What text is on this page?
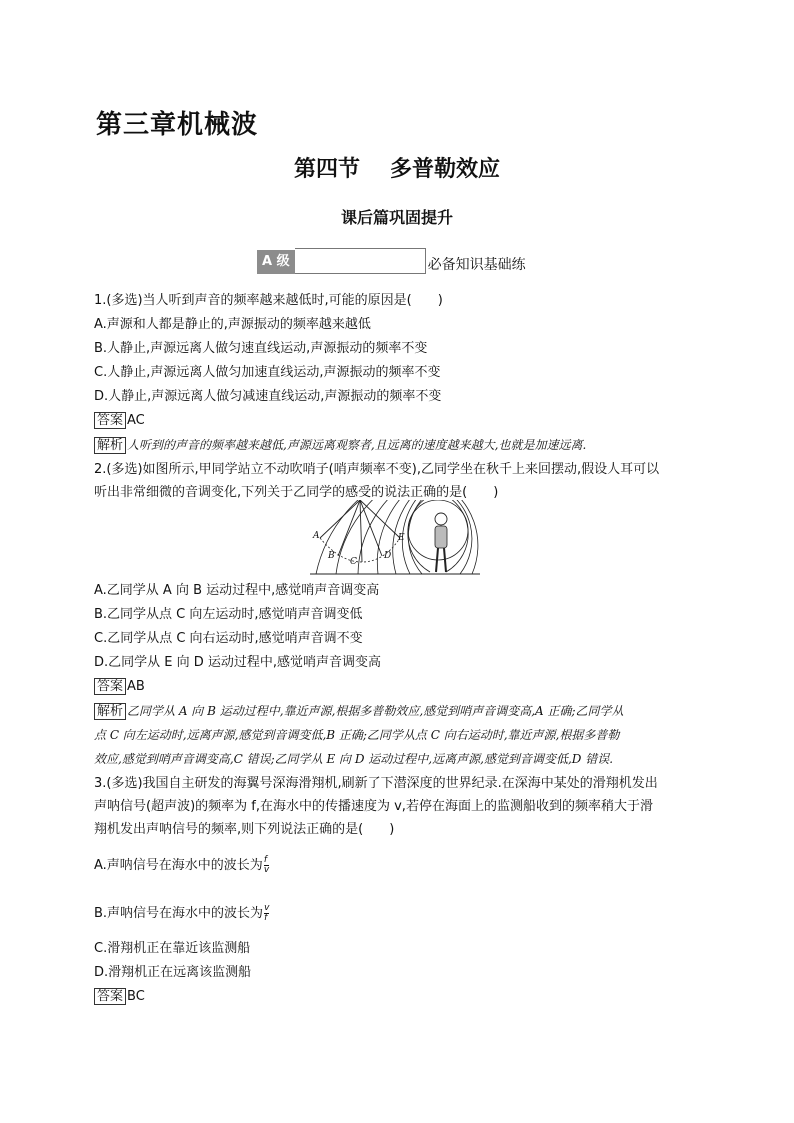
第三章机械波
第四节 多普勒效应
课后篇巩固提升
A 级	必备知识基础练
1.(多选)当人听到声音的频率越来越低时,可能的原因是(　　)
A.声源和人都是静止的,声源振动的频率越来越低
B.人静止,声源远离人做匀速直线运动,声源振动的频率不变
C.人静止,声源远离人做匀加速直线运动,声源振动的频率不变
D.人静止,声源远离人做匀减速直线运动,声源振动的频率不变
答案 AC
解析 人听到的声音的频率越来越低,声源远离观察者,且远离的速度越来越大,也就是加速远离.
2.(多选)如图所示,甲同学站立不动吹哨子(哨声频率不变),乙同学坐在秋千上来回摆动,假设人耳可以
听出非常细微的音调变化,下列关于乙同学的感受的说法正确的是(　　)
A
B
C
D
E
A.乙同学从 A 向 B 运动过程中,感觉哨声音调变高
B.乙同学从点 C 向左运动时,感觉哨声音调变低
C.乙同学从点 C 向右运动时,感觉哨声音调不变
D.乙同学从 E 向 D 运动过程中,感觉哨声音调变高
答案 AB
解析 乙同学从 A 向 B 运动过程中,靠近声源,根据多普勒效应,感觉到哨声音调变高,A 正确;乙同学从
点 C 向左运动时,远离声源,感觉到音调变低,B 正确;乙同学从点 C 向右运动时,靠近声源,根据多普勒
效应,感觉到哨声音调变高,C 错误;乙同学从 E 向 D 运动过程中,远离声源,感觉到音调变低,D 错误.
3.(多选)我国自主研发的海翼号深海滑翔机,刷新了下潜深度的世界纪录.在深海中某处的滑翔机发出
声呐信号(超声波)的频率为 f,在海水中的传播速度为 v,若停在海面上的监测船收到的频率稍大于滑
翔机发出声呐信号的频率,则下列说法正确的是(　　)
A.声呐信号在海水中的波长为 $\frac{f}{v}$
B.声呐信号在海水中的波长为 $\frac{v}{f}$
C.滑翔机正在靠近该监测船
D.滑翔机正在远离该监测船
答案 BC
